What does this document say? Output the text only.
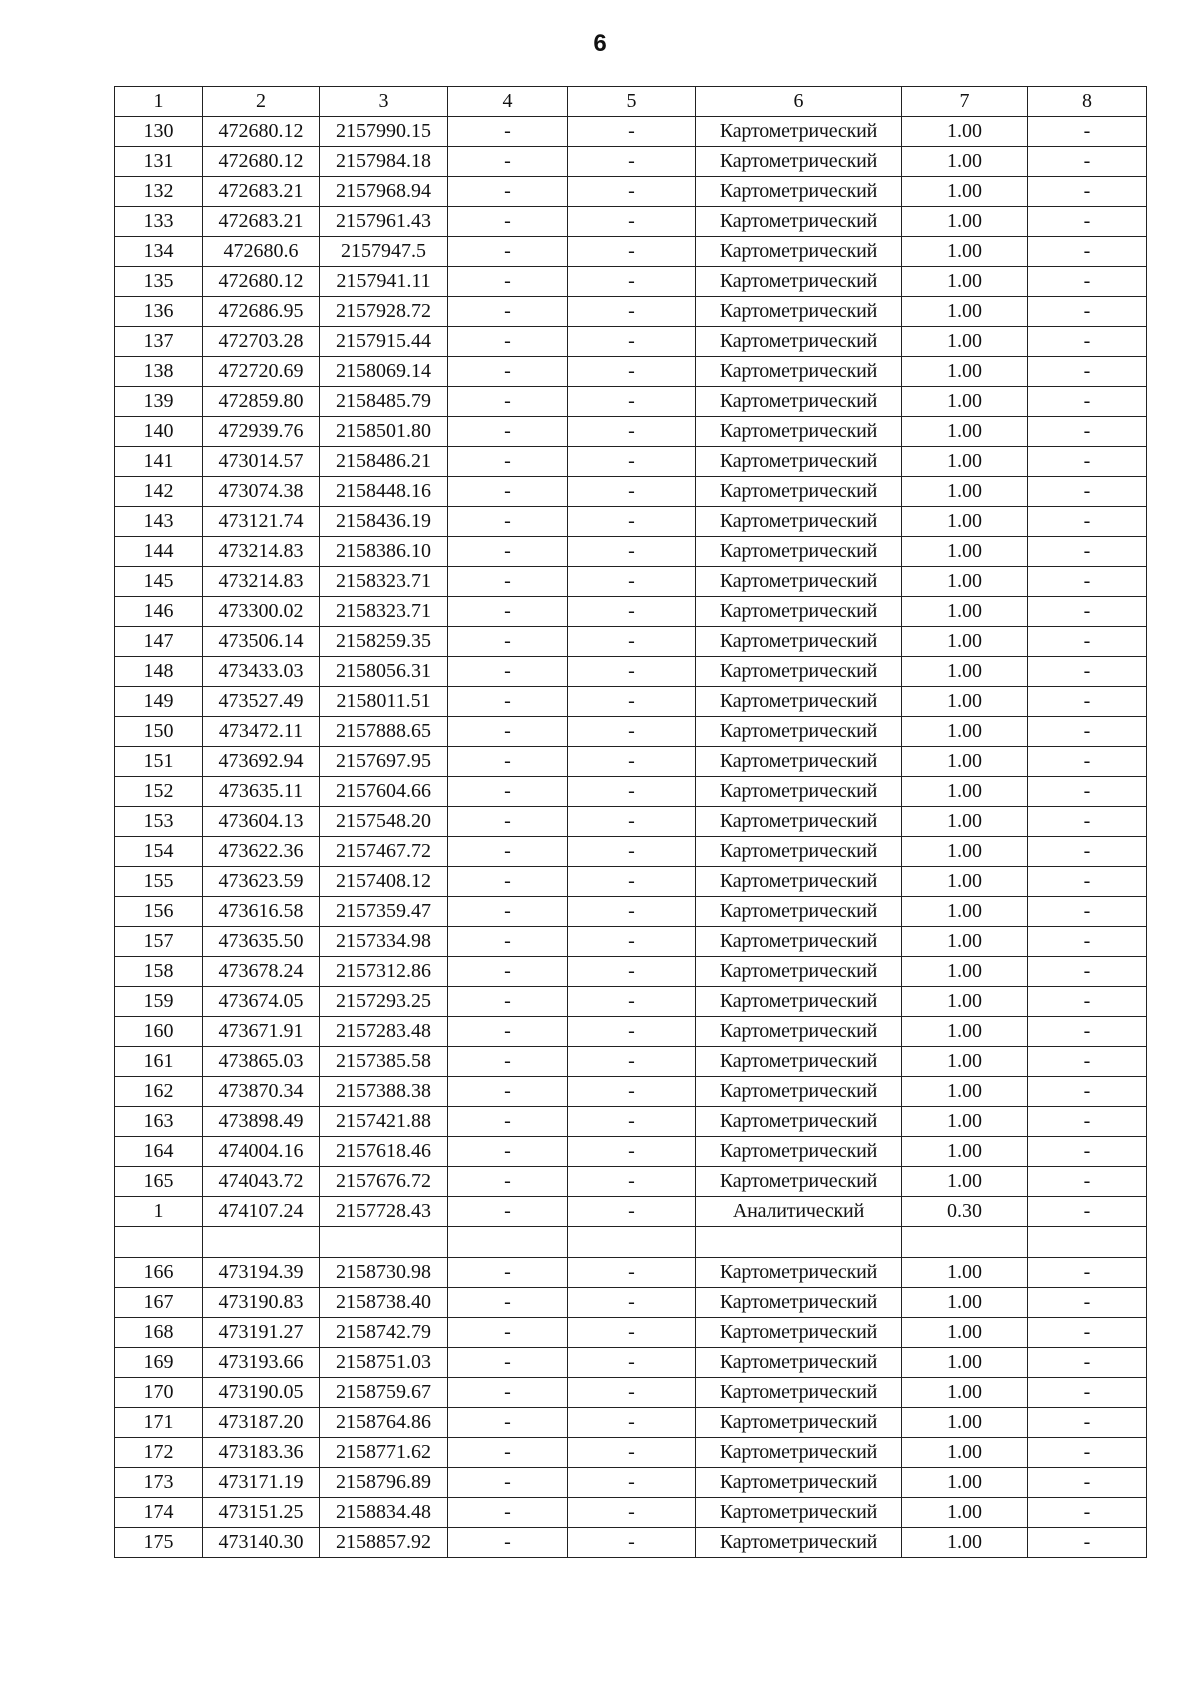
6
1	2	3	4	5	6	7	8
130	472680.12	2157990.15	-	-	Картометрический	1.00	-
131	472680.12	2157984.18	-	-	Картометрический	1.00	-
132	472683.21	2157968.94	-	-	Картометрический	1.00	-
133	472683.21	2157961.43	-	-	Картометрический	1.00	-
134	472680.6	2157947.5	-	-	Картометрический	1.00	-
135	472680.12	2157941.11	-	-	Картометрический	1.00	-
136	472686.95	2157928.72	-	-	Картометрический	1.00	-
137	472703.28	2157915.44	-	-	Картометрический	1.00	-
138	472720.69	2158069.14	-	-	Картометрический	1.00	-
139	472859.80	2158485.79	-	-	Картометрический	1.00	-
140	472939.76	2158501.80	-	-	Картометрический	1.00	-
141	473014.57	2158486.21	-	-	Картометрический	1.00	-
142	473074.38	2158448.16	-	-	Картометрический	1.00	-
143	473121.74	2158436.19	-	-	Картометрический	1.00	-
144	473214.83	2158386.10	-	-	Картометрический	1.00	-
145	473214.83	2158323.71	-	-	Картометрический	1.00	-
146	473300.02	2158323.71	-	-	Картометрический	1.00	-
147	473506.14	2158259.35	-	-	Картометрический	1.00	-
148	473433.03	2158056.31	-	-	Картометрический	1.00	-
149	473527.49	2158011.51	-	-	Картометрический	1.00	-
150	473472.11	2157888.65	-	-	Картометрический	1.00	-
151	473692.94	2157697.95	-	-	Картометрический	1.00	-
152	473635.11	2157604.66	-	-	Картометрический	1.00	-
153	473604.13	2157548.20	-	-	Картометрический	1.00	-
154	473622.36	2157467.72	-	-	Картометрический	1.00	-
155	473623.59	2157408.12	-	-	Картометрический	1.00	-
156	473616.58	2157359.47	-	-	Картометрический	1.00	-
157	473635.50	2157334.98	-	-	Картометрический	1.00	-
158	473678.24	2157312.86	-	-	Картометрический	1.00	-
159	473674.05	2157293.25	-	-	Картометрический	1.00	-
160	473671.91	2157283.48	-	-	Картометрический	1.00	-
161	473865.03	2157385.58	-	-	Картометрический	1.00	-
162	473870.34	2157388.38	-	-	Картометрический	1.00	-
163	473898.49	2157421.88	-	-	Картометрический	1.00	-
164	474004.16	2157618.46	-	-	Картометрический	1.00	-
165	474043.72	2157676.72	-	-	Картометрический	1.00	-
1	474107.24	2157728.43	-	-	Аналитический	0.30	-

166	473194.39	2158730.98	-	-	Картометрический	1.00	-
167	473190.83	2158738.40	-	-	Картометрический	1.00	-
168	473191.27	2158742.79	-	-	Картометрический	1.00	-
169	473193.66	2158751.03	-	-	Картометрический	1.00	-
170	473190.05	2158759.67	-	-	Картометрический	1.00	-
171	473187.20	2158764.86	-	-	Картометрический	1.00	-
172	473183.36	2158771.62	-	-	Картометрический	1.00	-
173	473171.19	2158796.89	-	-	Картометрический	1.00	-
174	473151.25	2158834.48	-	-	Картометрический	1.00	-
175	473140.30	2158857.92	-	-	Картометрический	1.00	-
